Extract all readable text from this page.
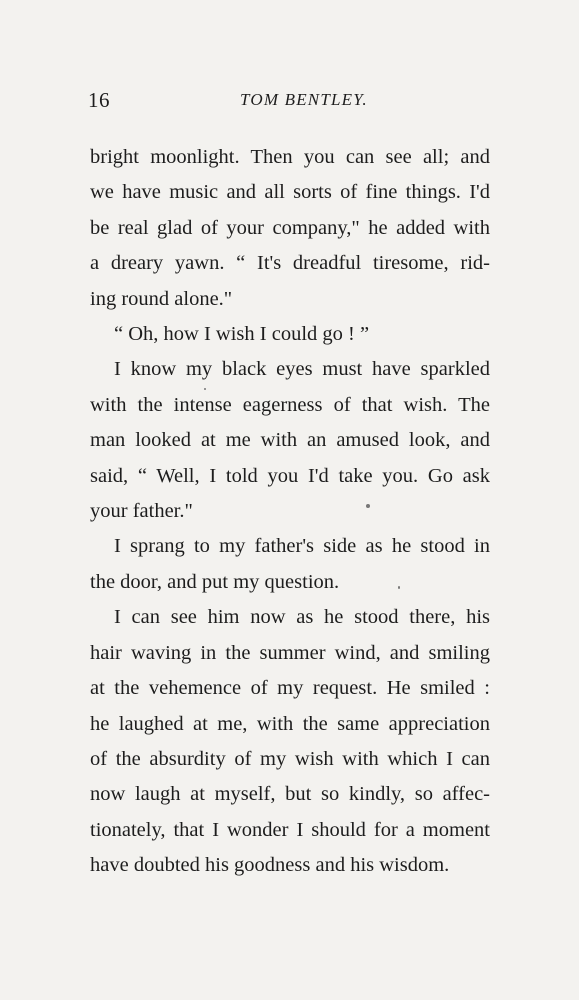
16	TOM BENTLEY.
bright moonlight. Then you can see all; and
we have music and all sorts of fine things. I'd
be real glad of your company," he added with
a dreary yawn. “ It's dreadful tiresome, rid-
ing round alone."
“ Oh, how I wish I could go ! ”
I know my black eyes must have sparkled
with the intense eagerness of that wish. The
man looked at me with an amused look, and
said, “ Well, I told you I'd take you. Go ask
your father."
I sprang to my father's side as he stood in
the door, and put my question.
I can see him now as he stood there, his
hair waving in the summer wind, and smiling
at the vehemence of my request. He smiled :
he laughed at me, with the same appreciation
of the absurdity of my wish with which I can
now laugh at myself, but so kindly, so affec-
tionately, that I wonder I should for a moment
have doubted his goodness and his wisdom.
